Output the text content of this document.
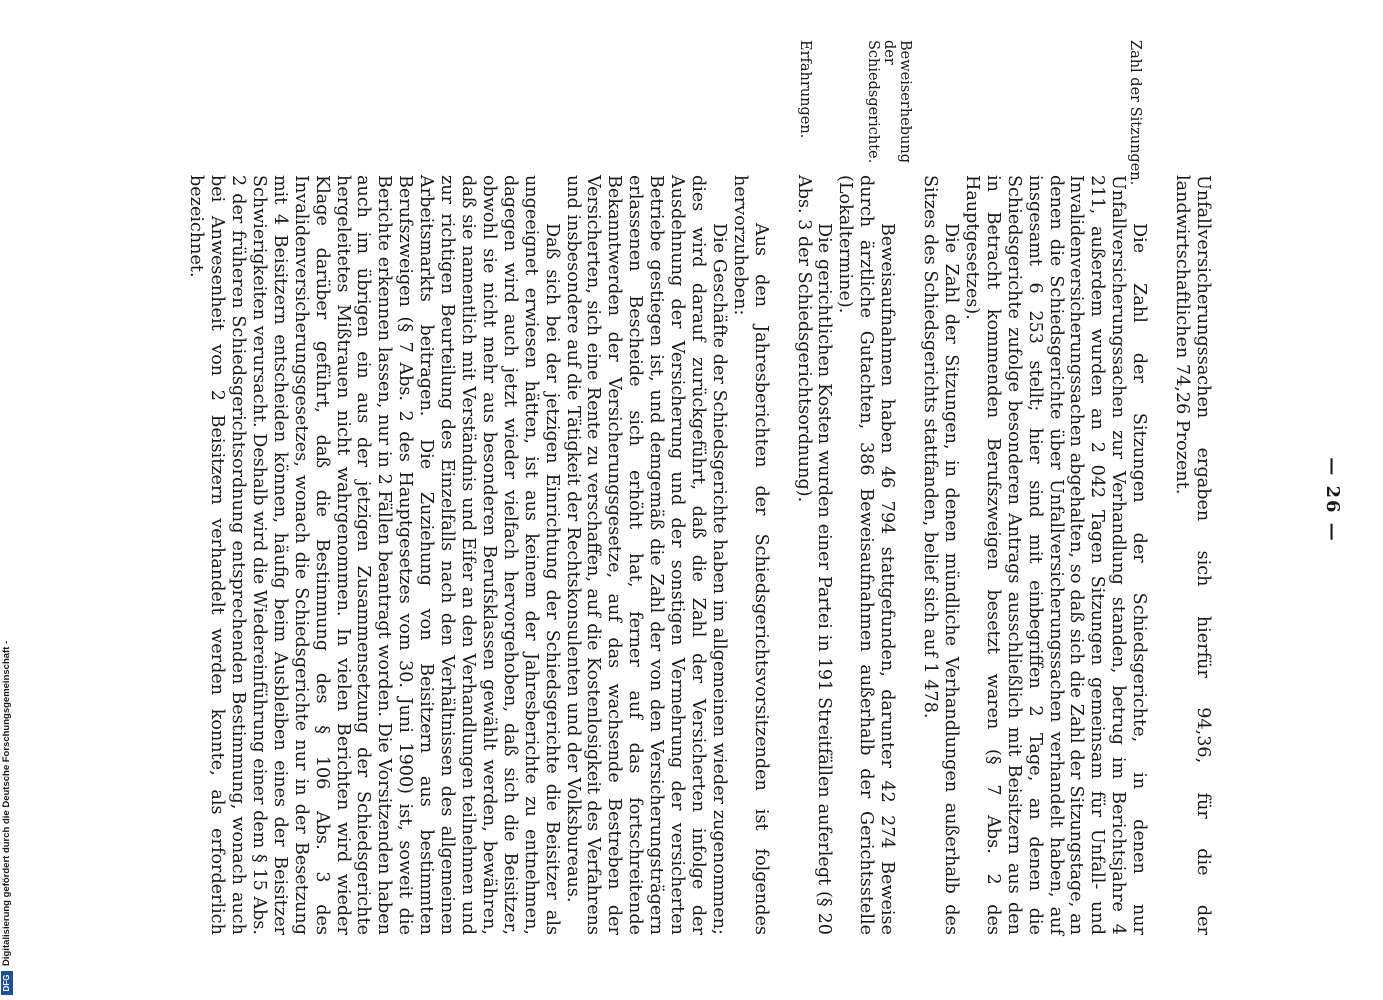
— 26 —
Zahl der Sitzungen.
Beweiserhebung der Schiedsgerichte.
Erfahrungen.

Unfallversicherungssachen ergaben sich hierfür 94,36, für die der landwirtschaftlichen 74,26 Prozent.

Die Zahl der Sitzungen der Schiedsgerichte, in denen nur Unfallversicherungssachen zur Verhandlung standen, betrug im Berichtsjahre 4 211, außerdem wurden an 2 042 Tagen Sitzungen gemeinsam für Unfall- und Invalidenversicherungssachen abgehalten, so daß sich die Zahl der Sitzungstage, an denen die Schiedsgerichte über Unfallversicherungssachen verhandelt haben, auf insgesamt 6 253 stellt; hier sind mit einbegriffen 2 Tage, an denen die Schiedsgerichte zufolge besonderen Antrags ausschließlich mit Beisitzern aus den in Betracht kommenden Berufszweigen besetzt waren (§ 7 Abs. 2 des Hauptgesetzes).

Die Zahl der Sitzungen, in denen mündliche Verhandlungen außerhalb des Sitzes des Schiedsgerichts stattfanden, belief sich auf 1 478.

Beweisaufnahmen haben 46 794 stattgefunden, darunter 42 274 Beweise durch ärztliche Gutachten, 386 Beweisaufnahmen außerhalb der Gerichtsstelle (Lokaltermine).

Die gerichtlichen Kosten wurden einer Partei in 191 Streitfällen auferlegt (§ 20 Abs. 3 der Schiedsgerichtsordnung).

Aus den Jahresberichten der Schiedsgerichtsvorsitzenden ist folgendes hervorzuheben:

Die Geschäfte der Schiedsgerichte haben im allgemeinen wieder zugenommen; dies wird darauf zurückgeführt, daß die Zahl der Versicherten infolge der Ausdehnung der Versicherung und der sonstigen Vermehrung der versicherten Betriebe gestiegen ist, und demgemäß die Zahl der von den Versicherungsträgern erlassenen Bescheide sich erhöht hat, ferner auf das fortschreitende Bekanntwerden der Versicherungsgesetze, auf das wachsende Bestreben der Versicherten, sich eine Rente zu verschaffen, auf die Kostenlosigkeit des Verfahrens und insbesondere auf die Tätigkeit der Rechtskonsulenten und der Volksbureaus.

Daß sich bei der jetzigen Einrichtung der Schiedsgerichte die Beisitzer als ungeeignet erwiesen hätten, ist aus keinem der Jahresberichte zu entnehmen, dagegen wird auch jetzt wieder vielfach hervorgehoben, daß sich die Beisitzer, obwohl sie nicht mehr aus besonderen Berufsklassen gewählt werden, bewähren, daß sie namentlich mit Verständnis und Eifer an den Verhandlungen teilnehmen und zur richtigen Beurteilung des Einzelfalls nach den Verhältnissen des allgemeinen Arbeitsmarkts beitragen. Die Zuziehung von Beisitzern aus bestimmten Berufszweigen (§ 7 Abs. 2 des Hauptgesetzes vom 30. Juni 1900) ist, soweit die Berichte erkennen lassen, nur in 2 Fällen beantragt worden. Die Vorsitzenden haben auch im übrigen ein aus der jetzigen Zusammensetzung der Schiedsgerichte hergeleitetes Mißtrauen nicht wahrgenommen. In vielen Berichten wird wieder Klage darüber geführt, daß die Bestimmung des § 106 Abs. 3 des Invalidenversicherungsgesetzes, wonach die Schiedsgerichte nur in der Besetzung mit 4 Beisitzern entscheiden können, häufig beim Ausbleiben eines der Beisitzer Schwierigkeiten verursacht. Deshalb wird die Wiedereinführung einer dem § 15 Abs. 2 der früheren Schiedsgerichtsordnung entsprechenden Bestimmung, wonach auch bei Anwesenheit von 2 Beisitzern verhandelt werden konnte, als erforderlich bezeichnet.

DFG
Digitalisierung gefördert durch die Deutsche Forschungsgemeinschaft -
